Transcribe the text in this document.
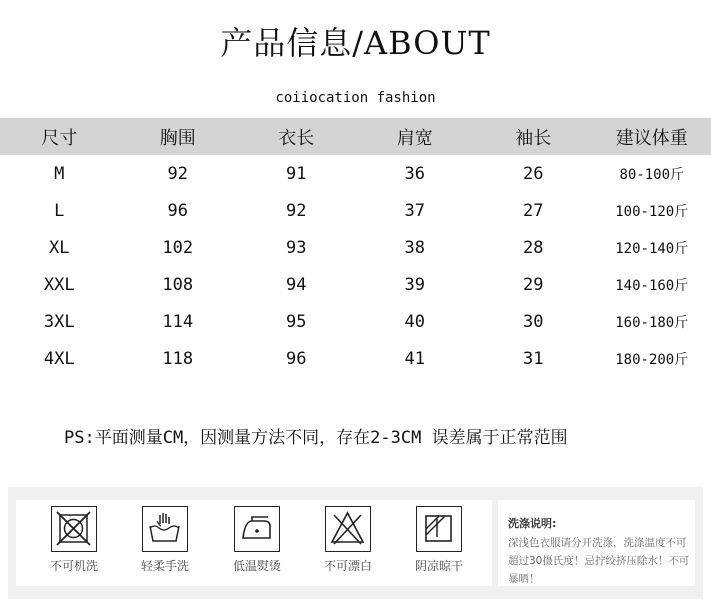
产品信息/ABOUT
coiiocation fashion
尺寸	胸围	衣长	肩宽	袖长	建议体重
M	92	91	36	26	80-100斤
L	96	92	37	27	100-120斤
XL	102	93	38	28	120-140斤
XXL	108	94	39	29	140-160斤
3XL	114	95	40	30	160-180斤
4XL	118	96	41	31	180-200斤
PS:平面测量CM，因测量方法不同，存在2-3CM 误差属于正常范围
不可机洗	轻柔手洗	低温熨烫	不可漂白	阴凉晾干
洗涤说明:
深浅色衣服请分开洗涤，洗涤温度不可超过30摄氏度！忌拧绞挤压除水！不可暴晒！
